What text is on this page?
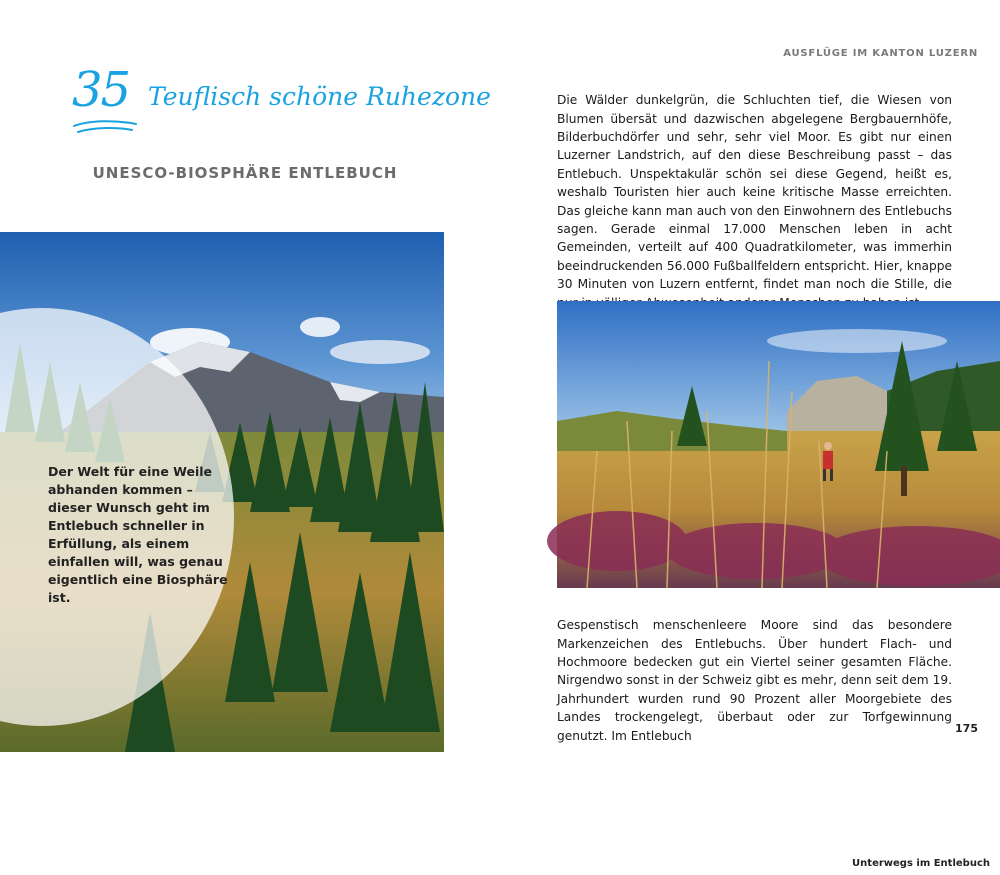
35 Teuflisch schöne Ruhezone
UNESCO-BIOSPHÄRE ENTLEBUCH
Der Welt für eine Weile abhanden kommen – dieser Wunsch geht im Entlebuch schneller in Erfüllung, als einem einfallen will, was genau eigentlich eine Biosphäre ist.
AUSFLÜGE IM KANTON LUZERN

Die Wälder dunkelgrün, die Schluchten tief, die Wiesen von Blumen übersät und dazwischen abgelegene Bergbauernhöfe, Bilderbuchdörfer und sehr, sehr viel Moor. Es gibt nur einen Luzerner Landstrich, auf den diese Beschreibung passt – das Entlebuch. Unspektakulär schön sei diese Gegend, heißt es, weshalb Touristen hier auch keine kritische Masse erreichten. Das gleiche kann man auch von den Einwohnern des Entlebuchs sagen. Gerade einmal 17.000 Menschen leben in acht Gemeinden, verteilt auf 400 Quadratkilometer, was immerhin beeindruckenden 56.000 Fußballfeldern entspricht. Hier, knappe 30 Minuten von Luzern entfernt, findet man noch die Stille, die

Unterwegs im Entlebuch

Gespenstisch menschenleere Moore sind das besondere Markenzeichen des Entlebuchs. Über hundert Flach- und Hochmoore bedecken gut ein Viertel seiner gesamten Fläche. Nirgendwo sonst in der Schweiz gibt es mehr, denn seit dem 19. Jahrhundert wurden rund 90 Prozent aller Moorgebiete des Landes trockengelegt, überbaut oder zur Torfgewinnung genutzt. Im Entlebuch

175
